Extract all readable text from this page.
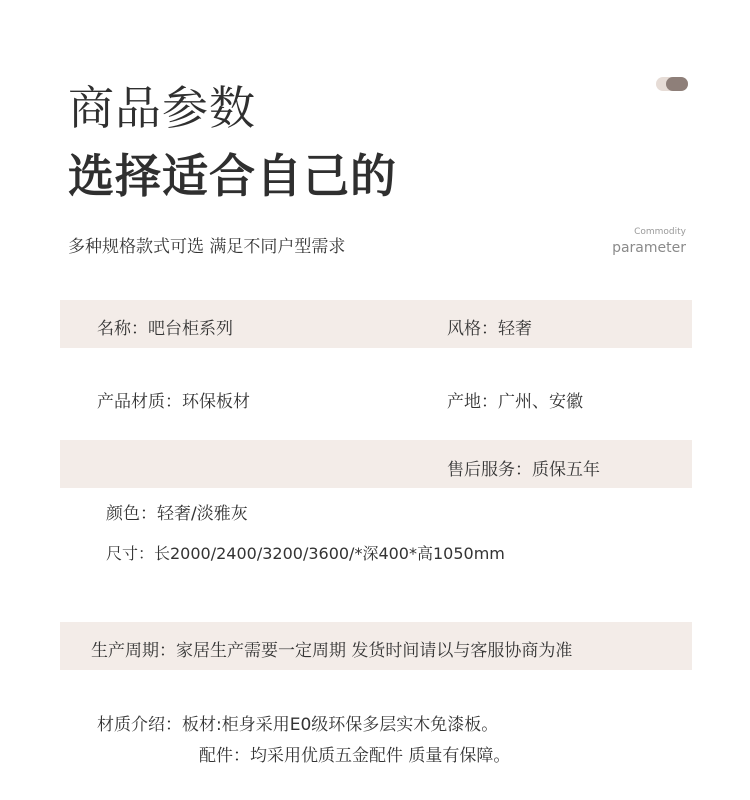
商品参数
选择适合自己的
多种规格款式可选 满足不同户型需求
Commodity
parameter
名称：吧台柜系列	风格：轻奢
产品材质：环保板材	产地：广州、安徽
售后服务：质保五年
颜色：轻奢/淡雅灰
尺寸：长2000/2400/3200/3600/*深400*高1050mm
生产周期：家居生产需要一定周期 发货时间请以与客服协商为准
材质介绍：板材:柜身采用E0级环保多层实木免漆板。
配件：均采用优质五金配件 质量有保障。
